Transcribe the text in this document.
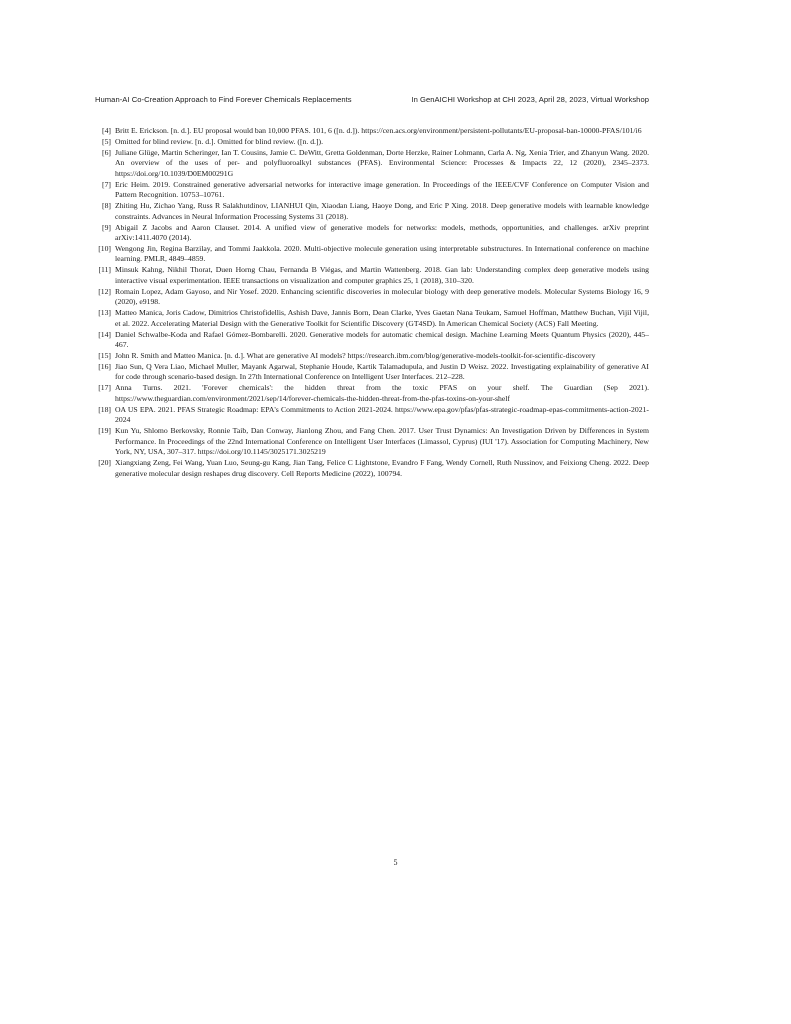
Human-AI Co-Creation Approach to Find Forever Chemicals Replacements	In GenAICHI Workshop at CHI 2023, April 28, 2023, Virtual Workshop
[4] Britt E. Erickson. [n. d.]. EU proposal would ban 10,000 PFAS. 101, 6 ([n. d.]). https://cen.acs.org/environment/persistent-pollutants/EU-proposal-ban-10000-PFAS/101/i6
[5] Omitted for blind review. [n. d.]. Omitted for blind review. ([n. d.]).
[6] Juliane Glüge, Martin Scheringer, Ian T. Cousins, Jamie C. DeWitt, Gretta Goldenman, Dorte Herzke, Rainer Lohmann, Carla A. Ng, Xenia Trier, and Zhanyun Wang. 2020. An overview of the uses of per- and polyfluoroalkyl substances (PFAS). Environmental Science: Processes & Impacts 22, 12 (2020), 2345–2373. https://doi.org/10.1039/D0EM00291G
[7] Eric Heim. 2019. Constrained generative adversarial networks for interactive image generation. In Proceedings of the IEEE/CVF Conference on Computer Vision and Pattern Recognition. 10753–10761.
[8] Zhiting Hu, Zichao Yang, Russ R Salakhutdinov, LIANHUI Qin, Xiaodan Liang, Haoye Dong, and Eric P Xing. 2018. Deep generative models with learnable knowledge constraints. Advances in Neural Information Processing Systems 31 (2018).
[9] Abigail Z Jacobs and Aaron Clauset. 2014. A unified view of generative models for networks: models, methods, opportunities, and challenges. arXiv preprint arXiv:1411.4070 (2014).
[10] Wengong Jin, Regina Barzilay, and Tommi Jaakkola. 2020. Multi-objective molecule generation using interpretable substructures. In International conference on machine learning. PMLR, 4849–4859.
[11] Minsuk Kahng, Nikhil Thorat, Duen Horng Chau, Fernanda B Viégas, and Martin Wattenberg. 2018. Gan lab: Understanding complex deep generative models using interactive visual experimentation. IEEE transactions on visualization and computer graphics 25, 1 (2018), 310–320.
[12] Romain Lopez, Adam Gayoso, and Nir Yosef. 2020. Enhancing scientific discoveries in molecular biology with deep generative models. Molecular Systems Biology 16, 9 (2020), e9198.
[13] Matteo Manica, Joris Cadow, Dimitrios Christofidellis, Ashish Dave, Jannis Born, Dean Clarke, Yves Gaetan Nana Teukam, Samuel Hoffman, Matthew Buchan, Vijil Vijil, et al. 2022. Accelerating Material Design with the Generative Toolkit for Scientific Discovery (GT4SD). In American Chemical Society (ACS) Fall Meeting.
[14] Daniel Schwalbe-Koda and Rafael Gómez-Bombarelli. 2020. Generative models for automatic chemical design. Machine Learning Meets Quantum Physics (2020), 445–467.
[15] John R. Smith and Matteo Manica. [n. d.]. What are generative AI models? https://research.ibm.com/blog/generative-models-toolkit-for-scientific-discovery
[16] Jiao Sun, Q Vera Liao, Michael Muller, Mayank Agarwal, Stephanie Houde, Kartik Talamadupula, and Justin D Weisz. 2022. Investigating explainability of generative AI for code through scenario-based design. In 27th International Conference on Intelligent User Interfaces. 212–228.
[17] Anna Turns. 2021. 'Forever chemicals': the hidden threat from the toxic PFAS on your shelf. The Guardian (Sep 2021). https://www.theguardian.com/environment/2021/sep/14/forever-chemicals-the-hidden-threat-from-the-pfas-toxins-on-your-shelf
[18] OA US EPA. 2021. PFAS Strategic Roadmap: EPA's Commitments to Action 2021-2024. https://www.epa.gov/pfas/pfas-strategic-roadmap-epas-commitments-action-2021-2024
[19] Kun Yu, Shlomo Berkovsky, Ronnie Taib, Dan Conway, Jianlong Zhou, and Fang Chen. 2017. User Trust Dynamics: An Investigation Driven by Differences in System Performance. In Proceedings of the 22nd International Conference on Intelligent User Interfaces (Limassol, Cyprus) (IUI '17). Association for Computing Machinery, New York, NY, USA, 307–317. https://doi.org/10.1145/3025171.3025219
[20] Xiangxiang Zeng, Fei Wang, Yuan Luo, Seung-gu Kang, Jian Tang, Felice C Lightstone, Evandro F Fang, Wendy Cornell, Ruth Nussinov, and Feixiong Cheng. 2022. Deep generative molecular design reshapes drug discovery. Cell Reports Medicine (2022), 100794.
5
